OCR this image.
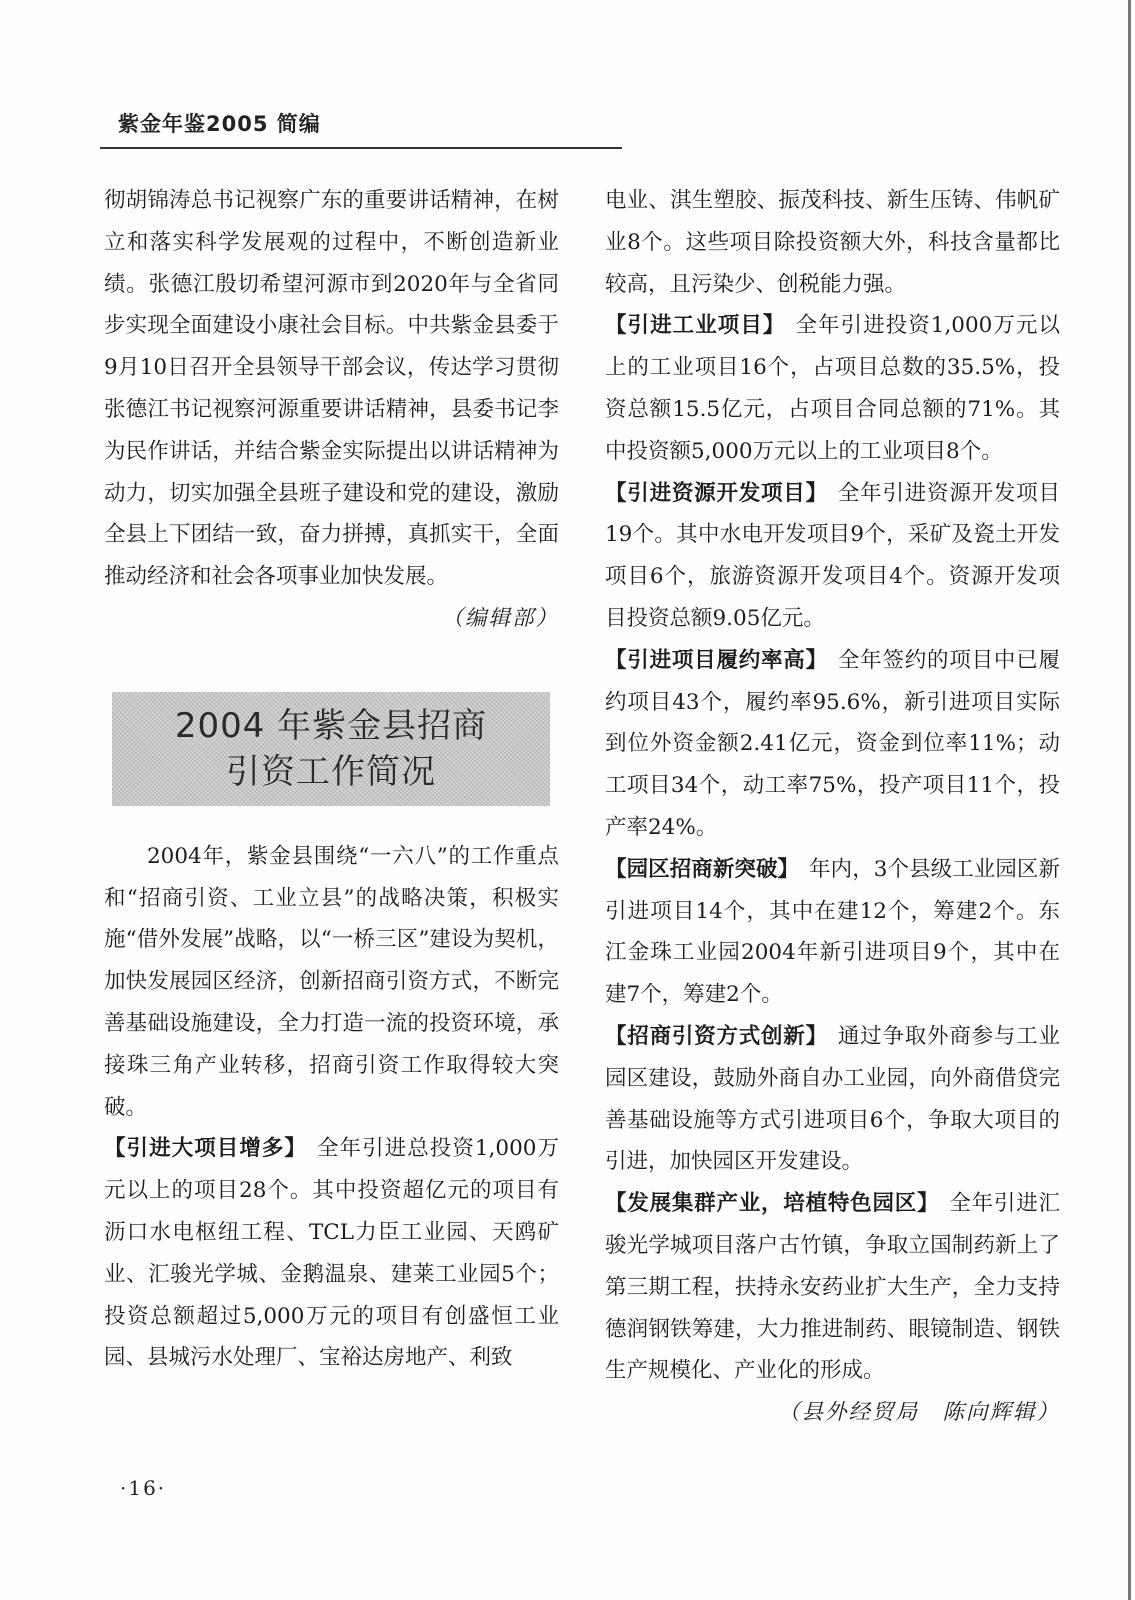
紫金年鉴2005 简编

彻胡锦涛总书记视察广东的重要讲话精神，在树立和落实科学发展观的过程中，不断创造新业绩。张德江殷切希望河源市到2020年与全省同步实现全面建设小康社会目标。中共紫金县委于9月10日召开全县领导干部会议，传达学习贯彻张德江书记视察河源重要讲话精神，县委书记李为民作讲话，并结合紫金实际提出以讲话精神为动力，切实加强全县班子建设和党的建设，激励全县上下团结一致，奋力拼搏，真抓实干，全面推动经济和社会各项事业加快发展。

（编辑部）

2004 年紫金县招商
引资工作简况

2004年，紫金县围绕“一六八”的工作重点和“招商引资、工业立县”的战略决策，积极实施“借外发展”战略，以“一桥三区”建设为契机，加快发展园区经济，创新招商引资方式，不断完善基础设施建设，全力打造一流的投资环境，承接珠三角产业转移，招商引资工作取得较大突破。

【引进大项目增多】 全年引进总投资1,000万元以上的项目28个。其中投资超亿元的项目有沥口水电枢纽工程、TCL力臣工业园、天鸥矿业、汇骏光学城、金鹅温泉、建莱工业园5个；投资总额超过5,000万元的项目有创盛恒工业园、县城污水处理厂、宝裕达房地产、利致

电业、淇生塑胶、振茂科技、新生压铸、伟帆矿业8个。这些项目除投资额大外，科技含量都比较高，且污染少、创税能力强。

【引进工业项目】 全年引进投资1,000万元以上的工业项目16个，占项目总数的35.5%，投资总额15.5亿元，占项目合同总额的71%。其中投资额5,000万元以上的工业项目8个。

【引进资源开发项目】 全年引进资源开发项目19个。其中水电开发项目9个，采矿及瓷土开发项目6个，旅游资源开发项目4个。资源开发项目投资总额9.05亿元。

【引进项目履约率高】 全年签约的项目中已履约项目43个，履约率95.6%，新引进项目实际到位外资金额2.41亿元，资金到位率11%；动工项目34个，动工率75%，投产项目11个，投产率24%。

【园区招商新突破】 年内，3个县级工业园区新引进项目14个，其中在建12个，筹建2个。东江金珠工业园2004年新引进项目9个，其中在建7个，筹建2个。

【招商引资方式创新】 通过争取外商参与工业园区建设，鼓励外商自办工业园，向外商借贷完善基础设施等方式引进项目6个，争取大项目的引进，加快园区开发建设。

【发展集群产业，培植特色园区】 全年引进汇骏光学城项目落户古竹镇，争取立国制药新上了第三期工程，扶持永安药业扩大生产，全力支持德润钢铁筹建，大力推进制药、眼镜制造、钢铁生产规模化、产业化的形成。

（县外经贸局　陈向辉辑）

·16·
